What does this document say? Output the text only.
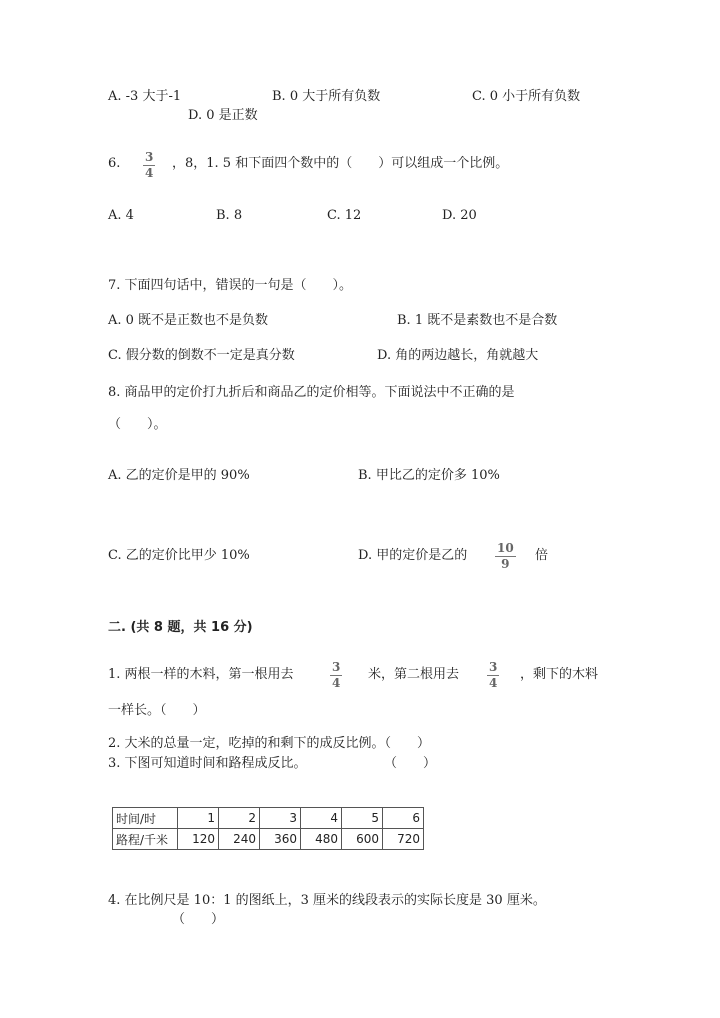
A. -3 大于-1	B. 0 大于所有负数	C. 0 小于所有负数
D. 0 是正数
6. 3
4
，8，1. 5 和下面四个数中的（　　）可以组成一个比例。
A. 4	B. 8	C. 12	D. 20
7. 下面四句话中，错误的一句是（　　）。
A. 0 既不是正数也不是负数	B. 1 既不是素数也不是合数
C. 假分数的倒数不一定是真分数	D. 角的两边越长，角就越大
8. 商品甲的定价打九折后和商品乙的定价相等。下面说法中不正确的是
（　　）。
A. 乙的定价是甲的 90%	B. 甲比乙的定价多 10%
C. 乙的定价比甲少 10%	D. 甲的定价是乙的 10
9
倍
二. (共 8 题，共 16 分)
1. 两根一样的木料，第一根用去	3
4
米，第二根用去 3
4
，剩下的木料
一样长。（　　）
2. 大米的总量一定，吃掉的和剩下的成反比例。（　　）
3. 下图可知道时间和路程成反比。	（　　）
时间/时	1	2	3	4	5	6
路程/千米	120	240	360	480	600	720
4. 在比例尺是 10：1 的图纸上，3 厘米的线段表示的实际长度是 30 厘米。
（　　）
